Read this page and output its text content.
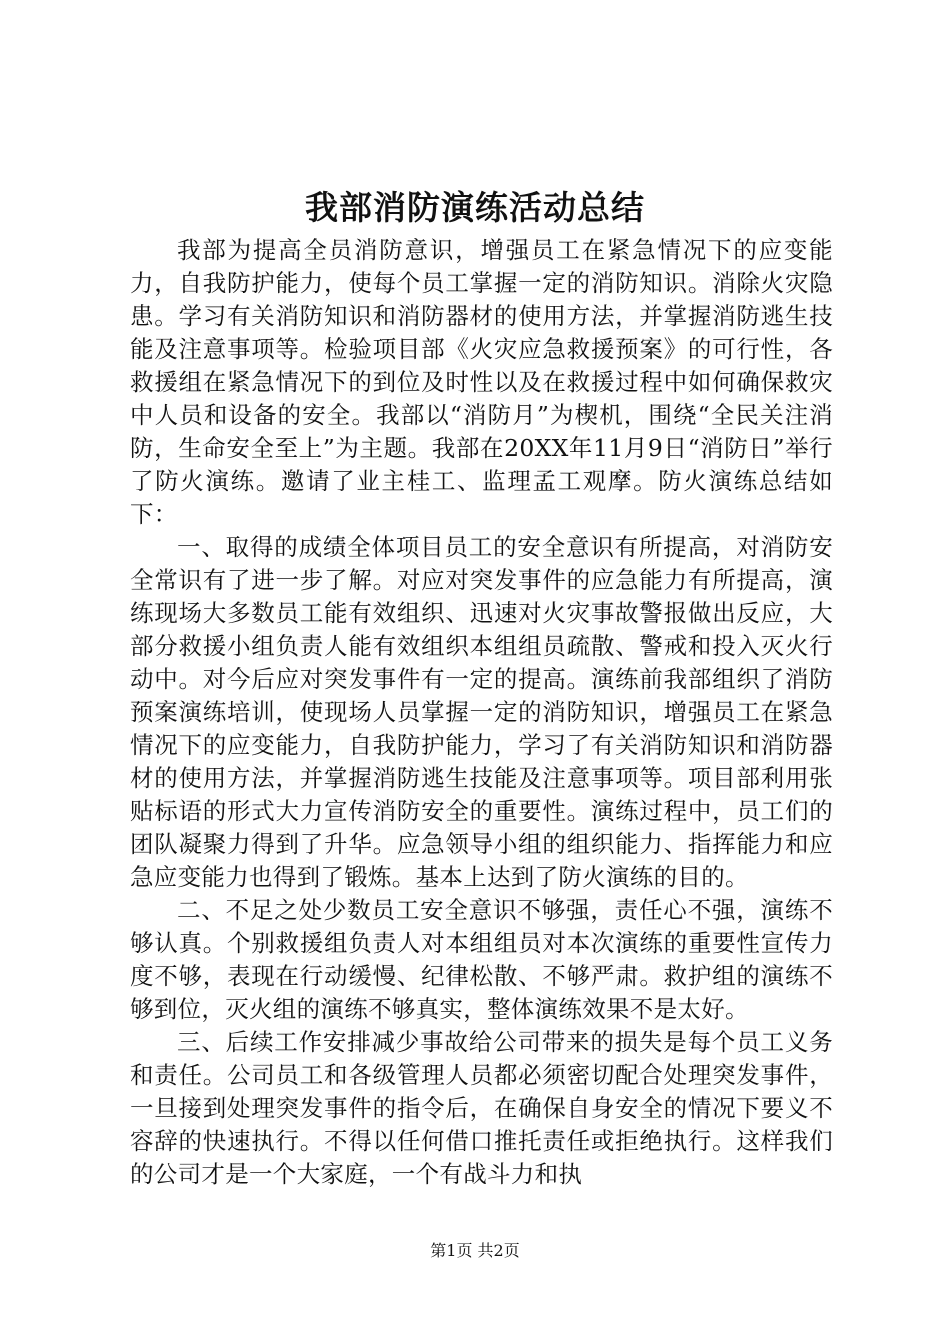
我部消防演练活动总结

我部为提高全员消防意识，增强员工在紧急情况下的应变能力，自我防护能力，使每个员工掌握一定的消防知识。消除火灾隐患。学习有关消防知识和消防器材的使用方法，并掌握消防逃生技能及注意事项等。检验项目部《火灾应急救援预案》的可行性，各救援组在紧急情况下的到位及时性以及在救援过程中如何确保救灾中人员和设备的安全。我部以“消防月”为楔机，围绕“全民关注消防，生命安全至上”为主题。我部在20XX年11月9日“消防日”举行了防火演练。邀请了业主桂工、监理孟工观摩。防火演练总结如下：

一、取得的成绩全体项目员工的安全意识有所提高，对消防安全常识有了进一步了解。对应对突发事件的应急能力有所提高，演练现场大多数员工能有效组织、迅速对火灾事故警报做出反应，大部分救援小组负责人能有效组织本组组员疏散、警戒和投入灭火行动中。对今后应对突发事件有一定的提高。演练前我部组织了消防预案演练培训，使现场人员掌握一定的消防知识，增强员工在紧急情况下的应变能力，自我防护能力，学习了有关消防知识和消防器材的使用方法，并掌握消防逃生技能及注意事项等。项目部利用张贴标语的形式大力宣传消防安全的重要性。演练过程中，员工们的团队凝聚力得到了升华。应急领导小组的组织能力、指挥能力和应急应变能力也得到了锻炼。基本上达到了防火演练的目的。

二、不足之处少数员工安全意识不够强，责任心不强，演练不够认真。个别救援组负责人对本组组员对本次演练的重要性宣传力度不够，表现在行动缓慢、纪律松散、不够严肃。救护组的演练不够到位，灭火组的演练不够真实，整体演练效果不是太好。

三、后续工作安排减少事故给公司带来的损失是每个员工义务和责任。公司员工和各级管理人员都必须密切配合处理突发事件，一旦接到处理突发事件的指令后，在确保自身安全的情况下要义不容辞的快速执行。不得以任何借口推托责任或拒绝执行。这样我们的公司才是一个大家庭，一个有战斗力和执

第1页 共2页
